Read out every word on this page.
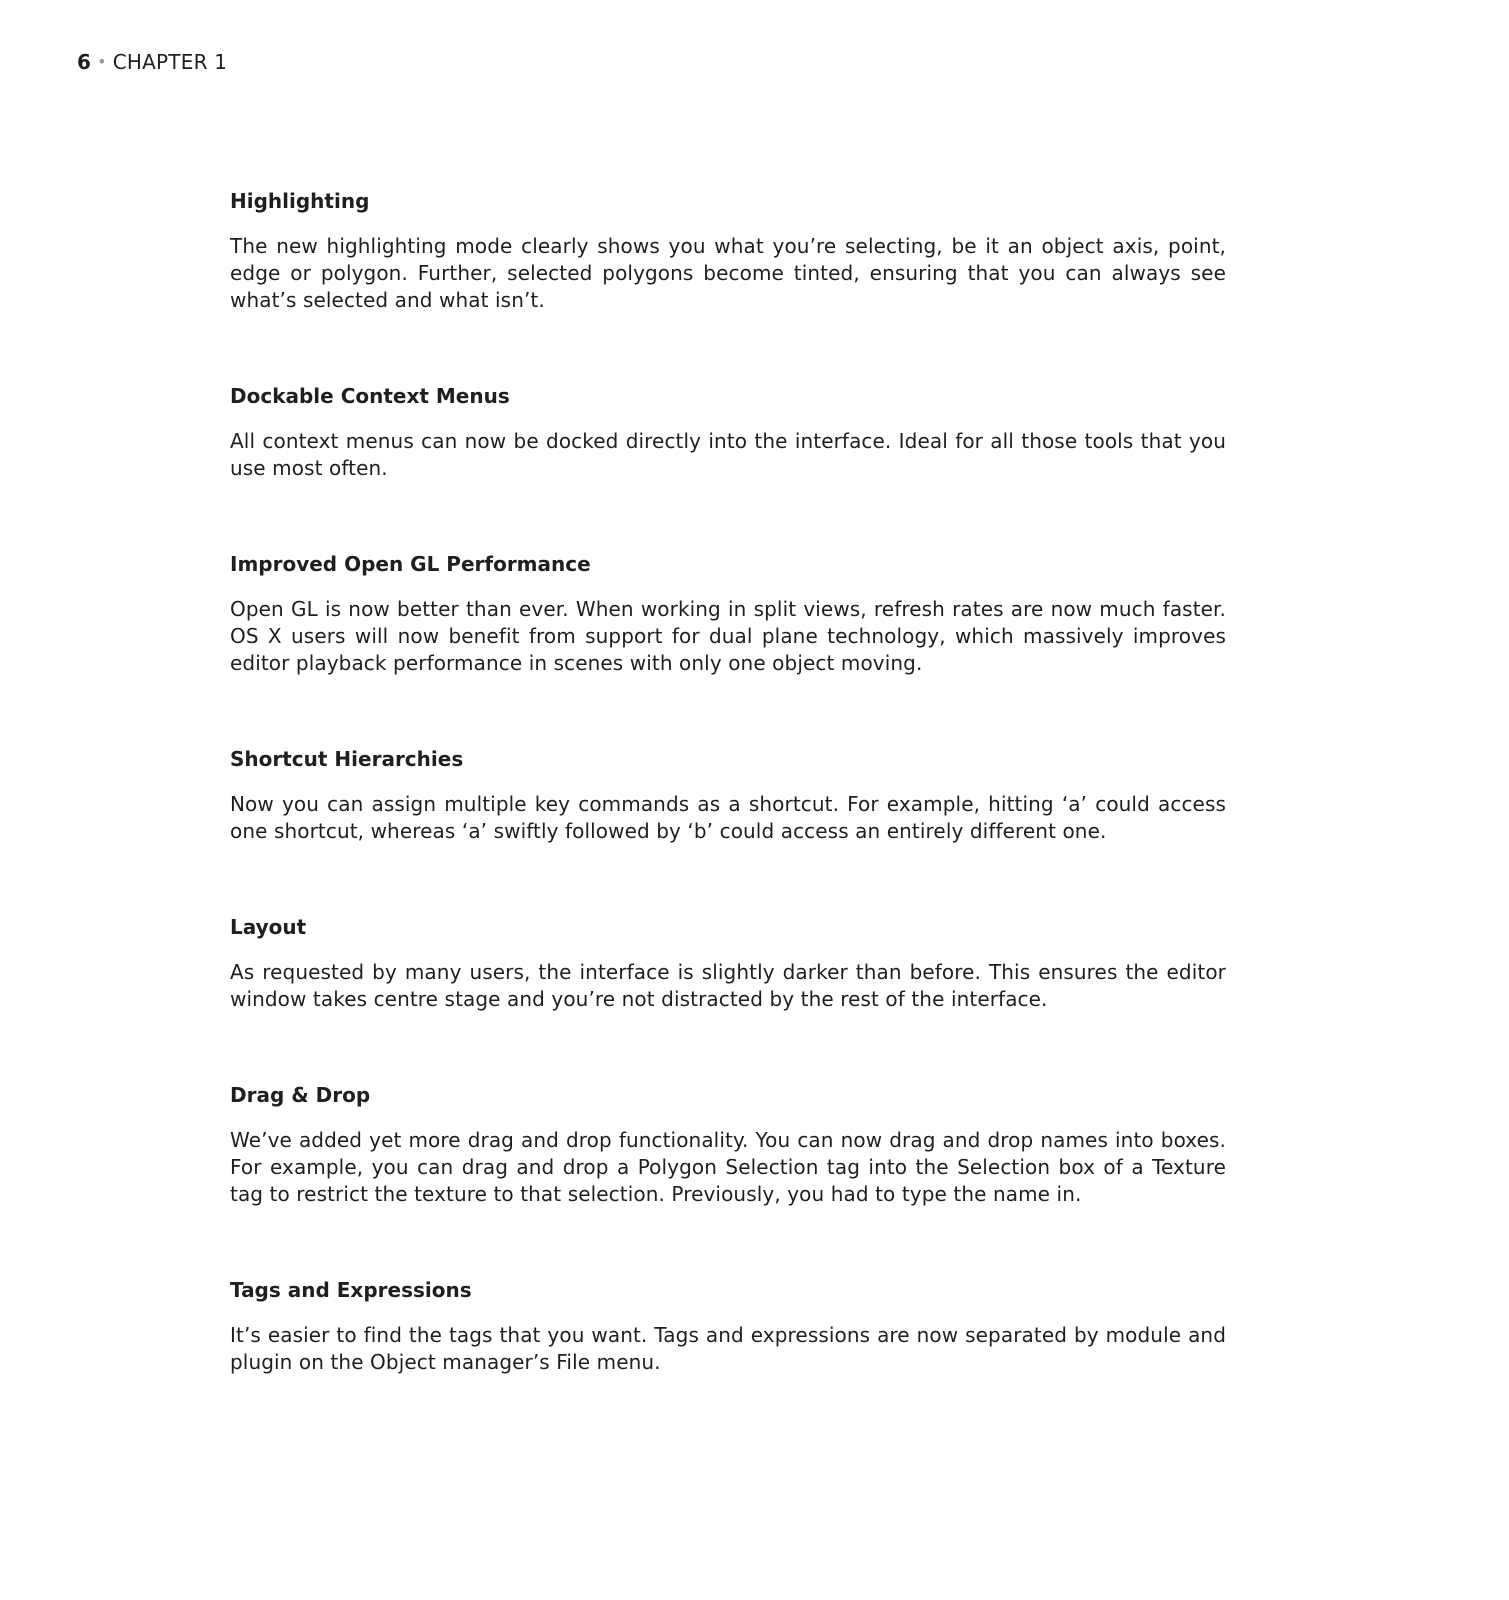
6 • CHAPTER 1
Highlighting

The new highlighting mode clearly shows you what you’re selecting, be it an object axis, point, edge or polygon. Further, selected polygons become tinted, ensuring that you can always see what’s selected and what isn’t.

Dockable Context Menus

All context menus can now be docked directly into the interface. Ideal for all those tools that you use most often.

Improved Open GL Performance

Open GL is now better than ever. When working in split views, refresh rates are now much faster. OS X users will now benefit from support for dual plane technology, which massively improves editor playback performance in scenes with only one object moving.

Shortcut Hierarchies

Now you can assign multiple key commands as a shortcut. For example, hitting ‘a’ could access one shortcut, whereas ‘a’ swiftly followed by ‘b’ could access an entirely different one.

Layout

As requested by many users, the interface is slightly darker than before. This ensures the editor window takes centre stage and you’re not distracted by the rest of the interface.

Drag & Drop

We’ve added yet more drag and drop functionality. You can now drag and drop names into boxes. For example, you can drag and drop a Polygon Selection tag into the Selection box of a Texture tag to restrict the texture to that selection. Previously, you had to type the name in.

Tags and Expressions

It’s easier to find the tags that you want. Tags and expressions are now separated by module and plugin on the Object manager’s File menu.
